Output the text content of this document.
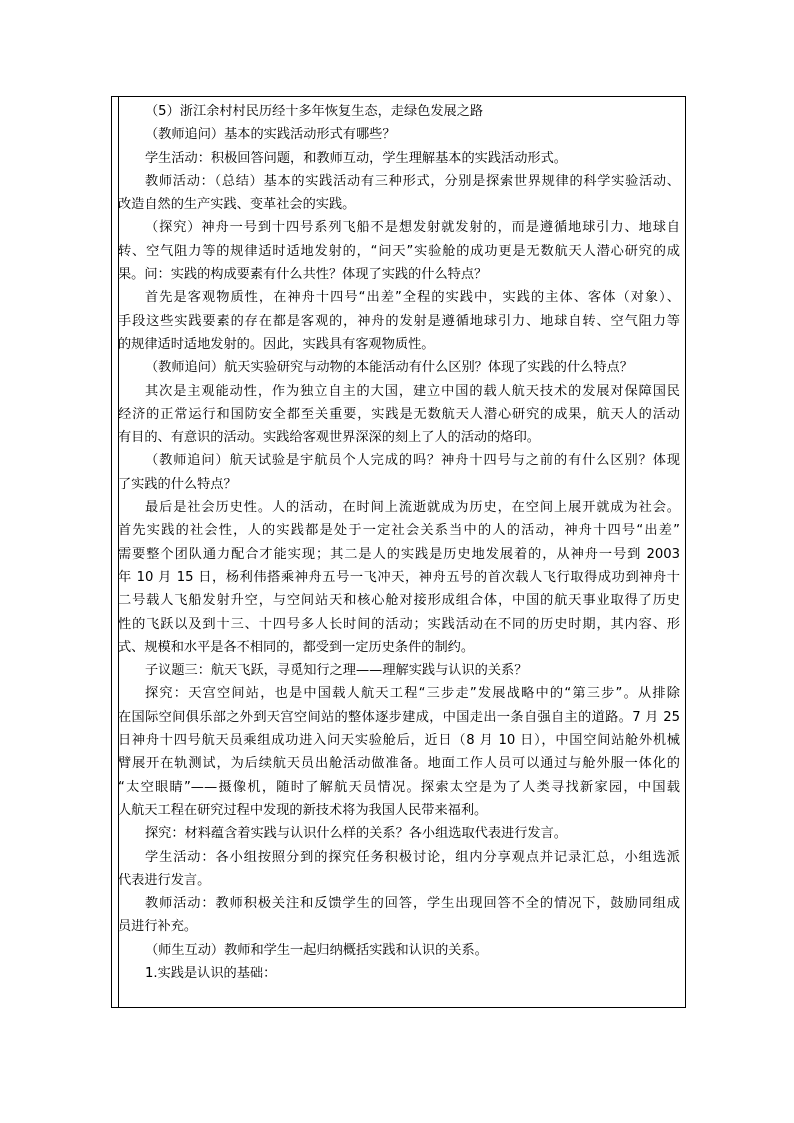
（5）浙江余村村民历经十多年恢复生态，走绿色发展之路
（教师追问）基本的实践活动形式有哪些？
学生活动：积极回答问题，和教师互动，学生理解基本的实践活动形式。
教师活动：（总结）基本的实践活动有三种形式，分别是探索世界规律的科学实验活动、
改造自然的生产实践、变革社会的实践。
（探究）神舟一号到十四号系列飞船不是想发射就发射的，而是遵循地球引力、地球自
转、空气阻力等的规律适时适地发射的，“问天”实验舱的成功更是无数航天人潜心研究的成
果。问：实践的构成要素有什么共性？体现了实践的什么特点？
首先是客观物质性，在神舟十四号“出差”全程的实践中，实践的主体、客体（对象）、
手段这些实践要素的存在都是客观的，神舟的发射是遵循地球引力、地球自转、空气阻力等
的规律适时适地发射的。因此，实践具有客观物质性。
（教师追问）航天实验研究与动物的本能活动有什么区别？体现了实践的什么特点？
其次是主观能动性，作为独立自主的大国，建立中国的载人航天技术的发展对保障国民
经济的正常运行和国防安全都至关重要，实践是无数航天人潜心研究的成果，航天人的活动
有目的、有意识的活动。实践给客观世界深深的刻上了人的活动的烙印。
（教师追问）航天试验是宇航员个人完成的吗？神舟十四号与之前的有什么区别？体现
了实践的什么特点？
最后是社会历史性。人的活动，在时间上流逝就成为历史，在空间上展开就成为社会。
首先实践的社会性，人的实践都是处于一定社会关系当中的人的活动，神舟十四号“出差”
需要整个团队通力配合才能实现；其二是人的实践是历史地发展着的，从神舟一号到 2003
年 10 月 15 日，杨利伟搭乘神舟五号一飞冲天，神舟五号的首次载人飞行取得成功到神舟十
二号载人飞船发射升空，与空间站天和核心舱对接形成组合体，中国的航天事业取得了历史
性的飞跃以及到十三、十四号多人长时间的活动；实践活动在不同的历史时期，其内容、形
式、规模和水平是各不相同的，都受到一定历史条件的制约。
子议题三：航天飞跃，寻觅知行之理——理解实践与认识的关系？
探究：天宫空间站，也是中国载人航天工程“三步走”发展战略中的“第三步”。从排除
在国际空间俱乐部之外到天宫空间站的整体逐步建成，中国走出一条自强自主的道路。7 月 25
日神舟十四号航天员乘组成功进入问天实验舱后，近日（8 月 10 日），中国空间站舱外机械
臂展开在轨测试，为后续航天员出舱活动做准备。地面工作人员可以通过与舱外服一体化的
“太空眼睛”——摄像机，随时了解航天员情况。探索太空是为了人类寻找新家园，中国载
人航天工程在研究过程中发现的新技术将为我国人民带来福利。
探究：材料蕴含着实践与认识什么样的关系？各小组选取代表进行发言。
学生活动：各小组按照分到的探究任务积极讨论，组内分享观点并记录汇总，小组选派
代表进行发言。
教师活动：教师积极关注和反馈学生的回答，学生出现回答不全的情况下，鼓励同组成
员进行补充。
（师生互动）教师和学生一起归纳概括实践和认识的关系。
1.实践是认识的基础：
